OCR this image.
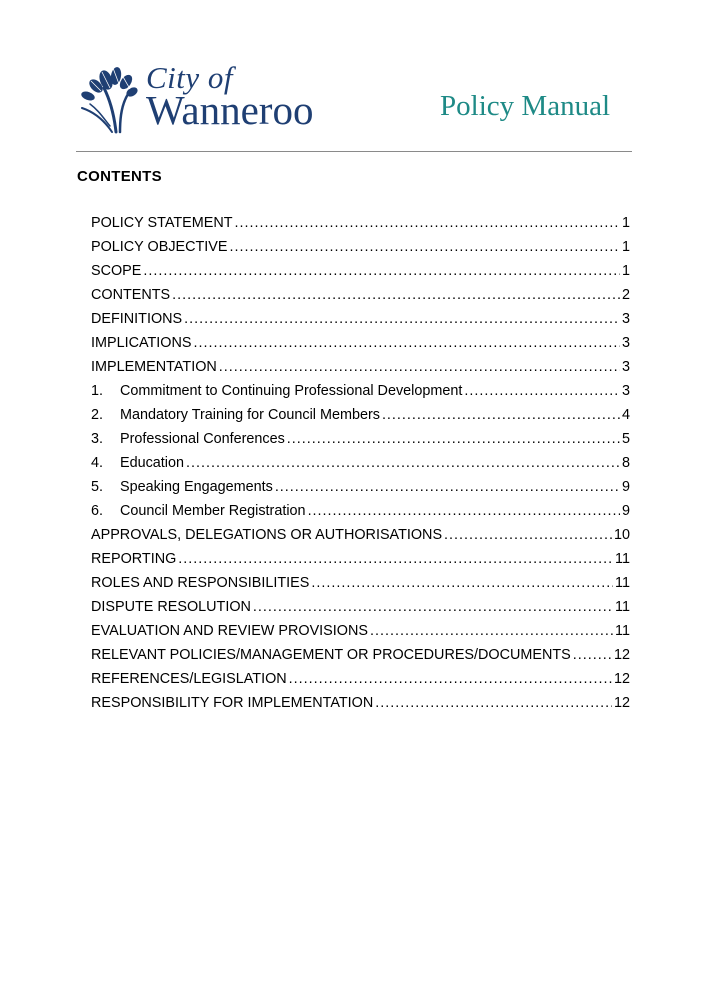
City of
Wanneroo	Policy Manual
CONTENTS
POLICY STATEMENT .....	1
POLICY OBJECTIVE .....	1
SCOPE .....	1
CONTENTS .....	2
DEFINITIONS .....	3
IMPLICATIONS .....	3
IMPLEMENTATION .....	3
1.	Commitment to Continuing Professional Development .....	3
2.	Mandatory Training for Council Members .....	4
3.	Professional Conferences .....	5
4.	Education .....	8
5.	Speaking Engagements .....	9
6.	Council Member Registration .....	9
APPROVALS, DELEGATIONS OR AUTHORISATIONS .....	10
REPORTING .....	11
ROLES AND RESPONSIBILITIES .....	11
DISPUTE RESOLUTION .....	11
EVALUATION AND REVIEW PROVISIONS .....	11
RELEVANT POLICIES/MANAGEMENT OR PROCEDURES/DOCUMENTS .....	12
REFERENCES/LEGISLATION .....	12
RESPONSIBILITY FOR IMPLEMENTATION .....	12
